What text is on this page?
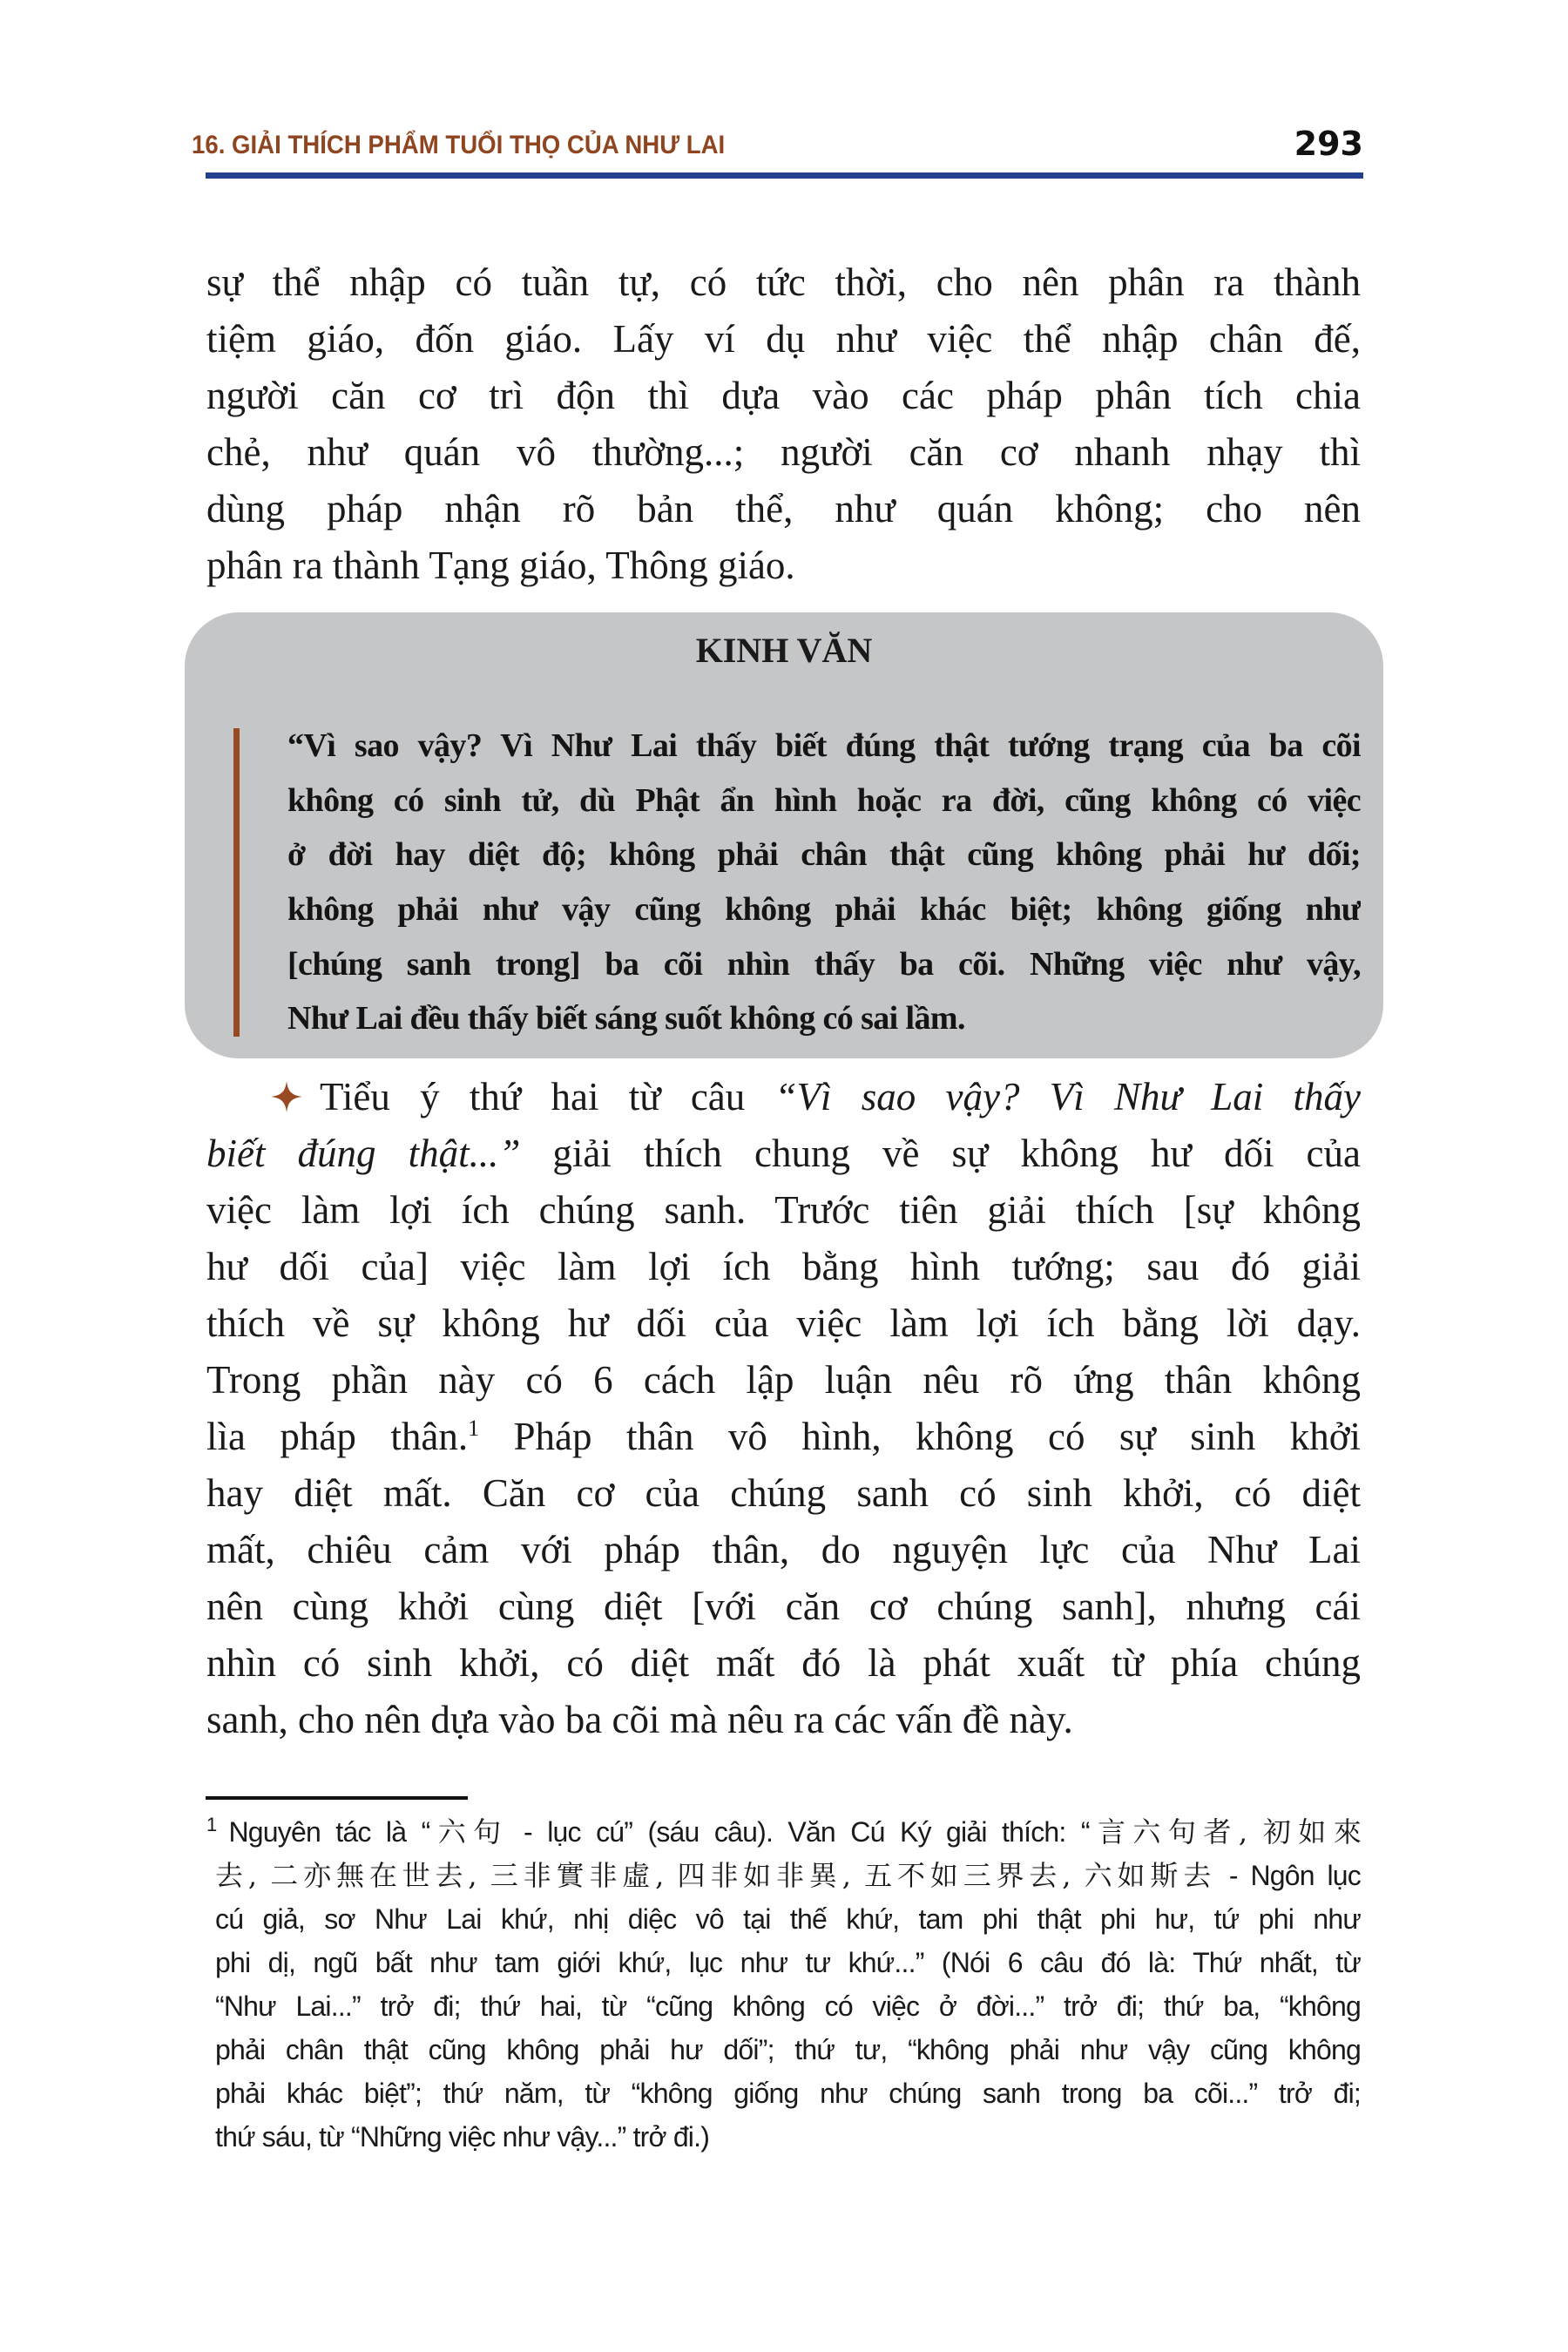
16. GIẢI THÍCH PHẨM TUỔI THỌ CỦA NHƯ LAI	293
sự thể nhập có tuần tự, có tức thời, cho nên phân ra thành
tiệm giáo, đốn giáo. Lấy ví dụ như việc thể nhập chân đế,
người căn cơ trì độn thì dựa vào các pháp phân tích chia
chẻ, như quán vô thường...; người căn cơ nhanh nhạy thì
dùng pháp nhận rõ bản thể, như quán không; cho nên
phân ra thành Tạng giáo, Thông giáo.
KINH VĂN
“Vì sao vậy? Vì Như Lai thấy biết đúng thật tướng trạng của ba cõi
không có sinh tử, dù Phật ẩn hình hoặc ra đời, cũng không có việc
ở đời hay diệt độ; không phải chân thật cũng không phải hư dối;
không phải như vậy cũng không phải khác biệt; không giống như
[chúng sanh trong] ba cõi nhìn thấy ba cõi. Những việc như vậy,
Như Lai đều thấy biết sáng suốt không có sai lầm.
Tiểu ý thứ hai từ câu “Vì sao vậy? Vì Như Lai thấy
biết đúng thật...” giải thích chung về sự không hư dối của
việc làm lợi ích chúng sanh. Trước tiên giải thích [sự không
hư dối của] việc làm lợi ích bằng hình tướng; sau đó giải
thích về sự không hư dối của việc làm lợi ích bằng lời dạy.
Trong phần này có 6 cách lập luận nêu rõ ứng thân không
lìa pháp thân.$^1$ Pháp thân vô hình, không có sự sinh khởi
hay diệt mất. Căn cơ của chúng sanh có sinh khởi, có diệt
mất, chiêu cảm với pháp thân, do nguyện lực của Như Lai
nên cùng khởi cùng diệt [với căn cơ chúng sanh], nhưng cái
nhìn có sinh khởi, có diệt mất đó là phát xuất từ phía chúng
sanh, cho nên dựa vào ba cõi mà nêu ra các vấn đề này.
$^1$ Nguyên tác là “六句 - lục cú” (sáu câu). Văn Cú Ký giải thích: “言六句者, 初如來
去, 二亦無在世去, 三非實非虛, 四非如非異, 五不如三界去, 六如斯去 - Ngôn lục
cú giả, sơ Như Lai khứ, nhị diệc vô tại thế khứ, tam phi thật phi hư, tứ phi như
phi dị, ngũ bất như tam giới khứ, lục như tư khứ...” (Nói 6 câu đó là: Thứ nhất, từ
“Như Lai...” trở đi; thứ hai, từ “cũng không có việc ở đời...” trở đi; thứ ba, “không
phải chân thật cũng không phải hư dối”; thứ tư, “không phải như vậy cũng không
phải khác biệt”; thứ năm, từ “không giống như chúng sanh trong ba cõi...” trở đi;
thứ sáu, từ “Những việc như vậy...” trở đi.)
